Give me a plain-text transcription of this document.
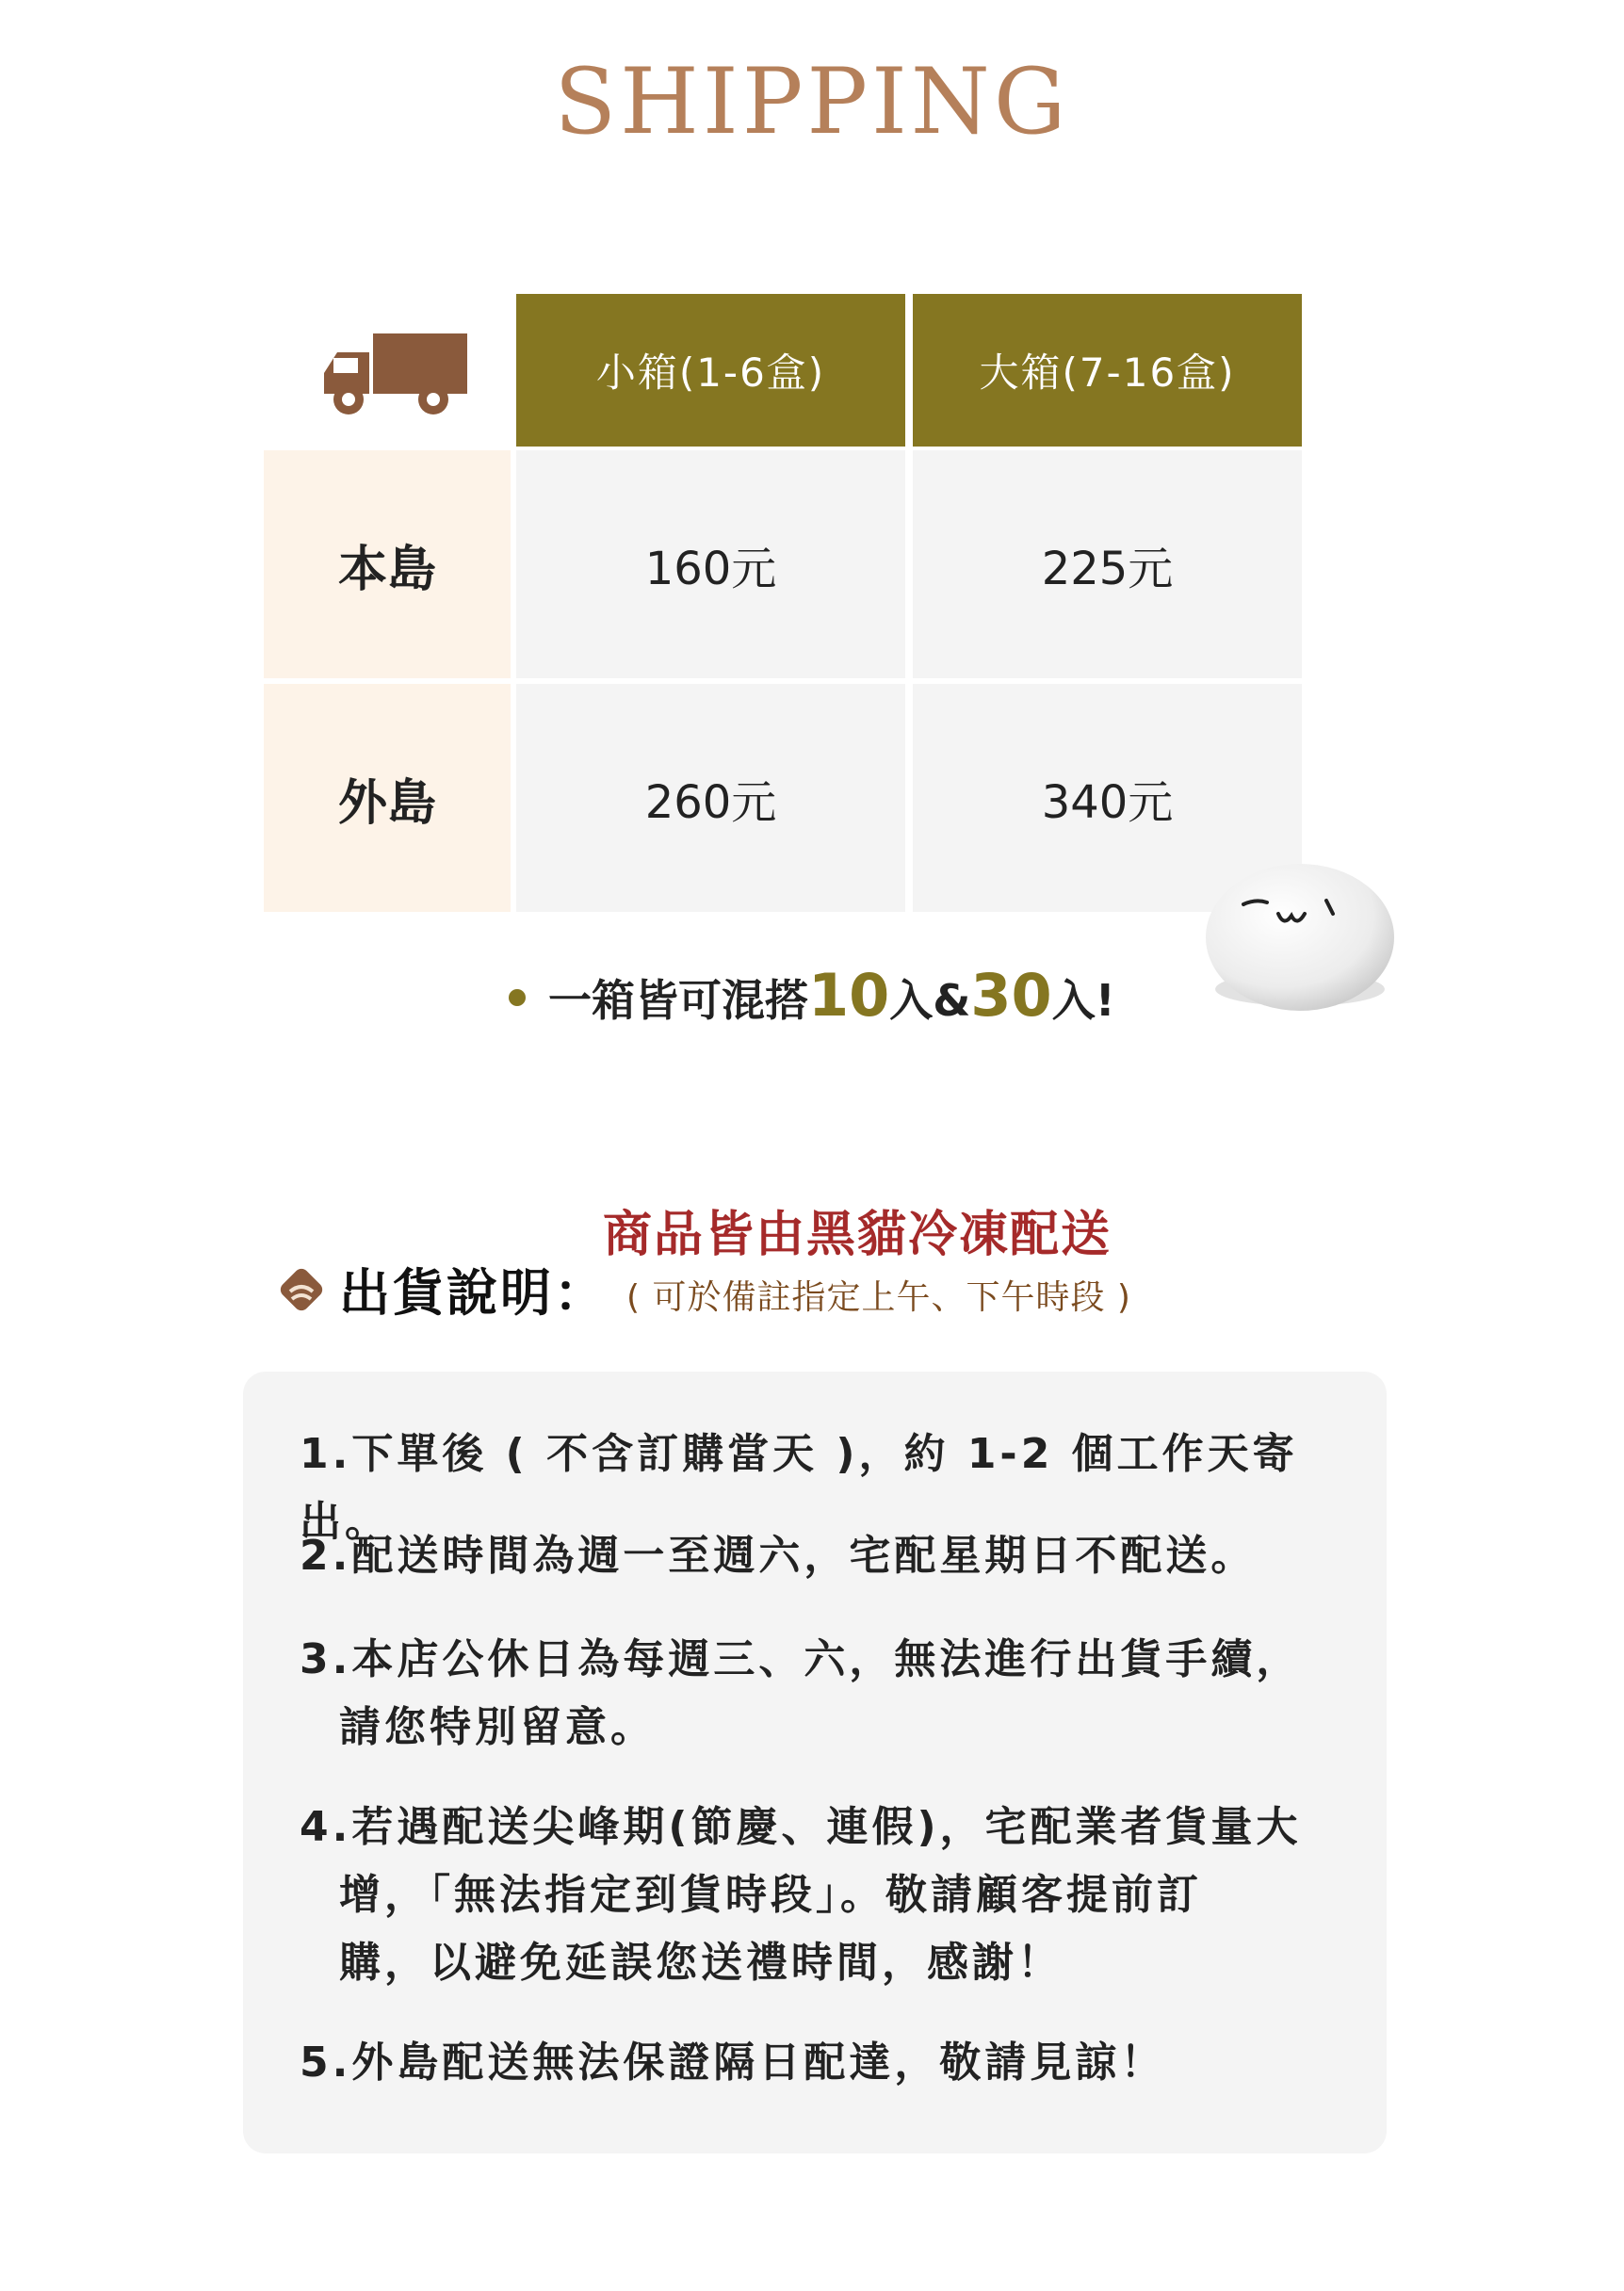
SHIPPING
小箱(1-6盒)	大箱(7-16盒)
本島	160元	225元
外島	260元	340元
一箱皆可混搭 10 入& 30 入!
商品皆由黑貓冷凍配送
出貨說明： ( 可於備註指定上午、下午時段 )
1.下單後 ( 不含訂購當天 )，約 1-2 個工作天寄出。
2.配送時間為週一至週六，宅配星期日不配送。
3.本店公休日為每週三、六，無法進行出貨手續，
請您特別留意。
4.若遇配送尖峰期(節慶、連假)，宅配業者貨量大
增，「無法指定到貨時段」。敬請顧客提前訂
購，以避免延誤您送禮時間，感謝！
5.外島配送無法保證隔日配達，敬請見諒！
